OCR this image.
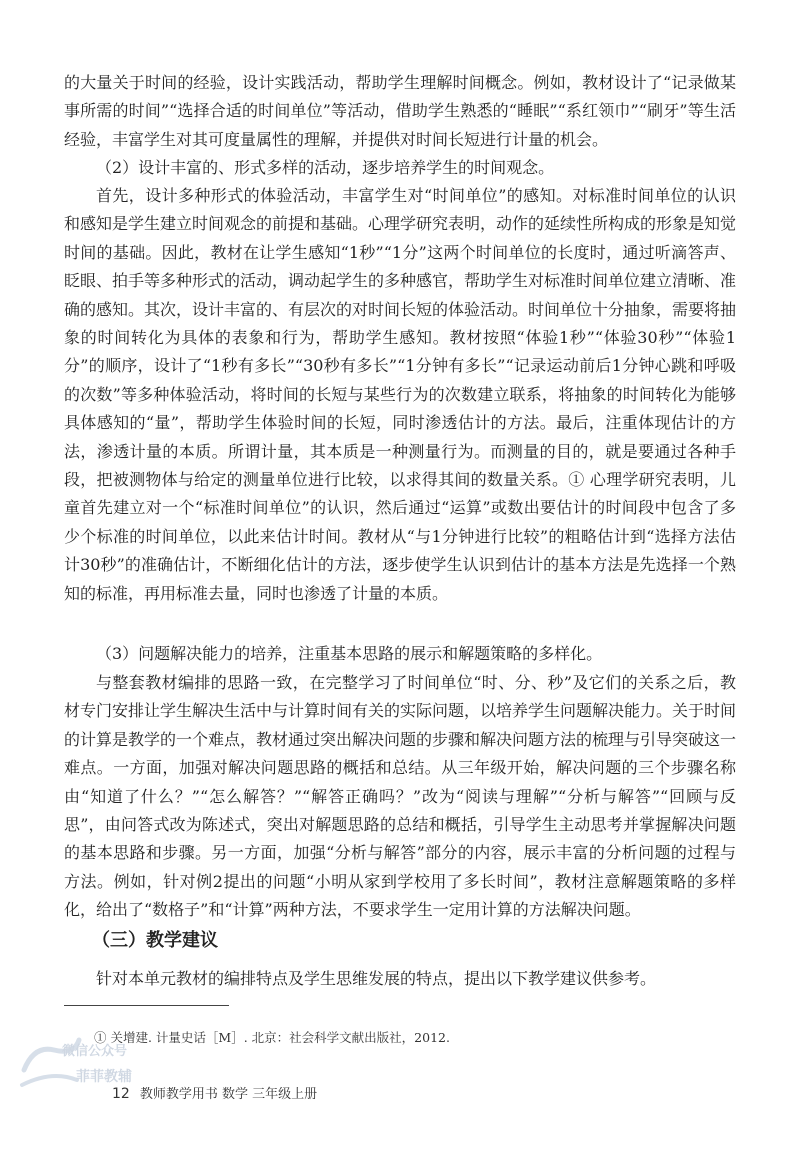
的大量关于时间的经验，设计实践活动，帮助学生理解时间概念。例如，教材设计了“记录做某事所需的时间”“选择合适的时间单位”等活动，借助学生熟悉的“睡眠”“系红领巾”“刷牙”等生活经验，丰富学生对其可度量属性的理解，并提供对时间长短进行计量的机会。

（2）设计丰富的、形式多样的活动，逐步培养学生的时间观念。

首先，设计多种形式的体验活动，丰富学生对“时间单位”的感知。对标准时间单位的认识和感知是学生建立时间观念的前提和基础。心理学研究表明，动作的延续性所构成的形象是知觉时间的基础。因此，教材在让学生感知“1秒”“1分”这两个时间单位的长度时，通过听滴答声、眨眼、拍手等多种形式的活动，调动起学生的多种感官，帮助学生对标准时间单位建立清晰、准确的感知。其次，设计丰富的、有层次的对时间长短的体验活动。时间单位十分抽象，需要将抽象的时间转化为具体的表象和行为，帮助学生感知。教材按照“体验1秒”“体验30秒”“体验1分”的顺序，设计了“1秒有多长”“30秒有多长”“1分钟有多长”“记录运动前后1分钟心跳和呼吸的次数”等多种体验活动，将时间的长短与某些行为的次数建立联系，将抽象的时间转化为能够具体感知的“量”，帮助学生体验时间的长短，同时渗透估计的方法。最后，注重体现估计的方法，渗透计量的本质。所谓计量，其本质是一种测量行为。而测量的目的，就是要通过各种手段，把被测物体与给定的测量单位进行比较，以求得其间的数量关系。① 心理学研究表明，儿童首先建立对一个“标准时间单位”的认识，然后通过“运算”或数出要估计的时间段中包含了多少个标准的时间单位，以此来估计时间。教材从“与1分钟进行比较”的粗略估计到“选择方法估计30秒”的准确估计，不断细化估计的方法，逐步使学生认识到估计的基本方法是先选择一个熟知的标准，再用标准去量，同时也渗透了计量的本质。

（3）问题解决能力的培养，注重基本思路的展示和解题策略的多样化。

与整套教材编排的思路一致，在完整学习了时间单位“时、分、秒”及它们的关系之后，教材专门安排让学生解决生活中与计算时间有关的实际问题，以培养学生问题解决能力。关于时间的计算是教学的一个难点，教材通过突出解决问题的步骤和解决问题方法的梳理与引导突破这一难点。一方面，加强对解决问题思路的概括和总结。从三年级开始，解决问题的三个步骤名称由“知道了什么？”“怎么解答？”“解答正确吗？”改为“阅读与理解”“分析与解答”“回顾与反思”，由问答式改为陈述式，突出对解题思路的总结和概括，引导学生主动思考并掌握解决问题的基本思路和步骤。另一方面，加强“分析与解答”部分的内容，展示丰富的分析问题的过程与方法。例如，针对例2提出的问题“小明从家到学校用了多长时间”，教材注意解题策略的多样化，给出了“数格子”和“计算”两种方法，不要求学生一定用计算的方法解决问题。

（三）教学建议

针对本单元教材的编排特点及学生思维发展的特点，提出以下教学建议供参考。

① 关增建. 计量史话［M］. 北京：社会科学文献出版社，2012.
微信公众号
菲菲教辅
12 教师教学用书 数学 三年级上册
